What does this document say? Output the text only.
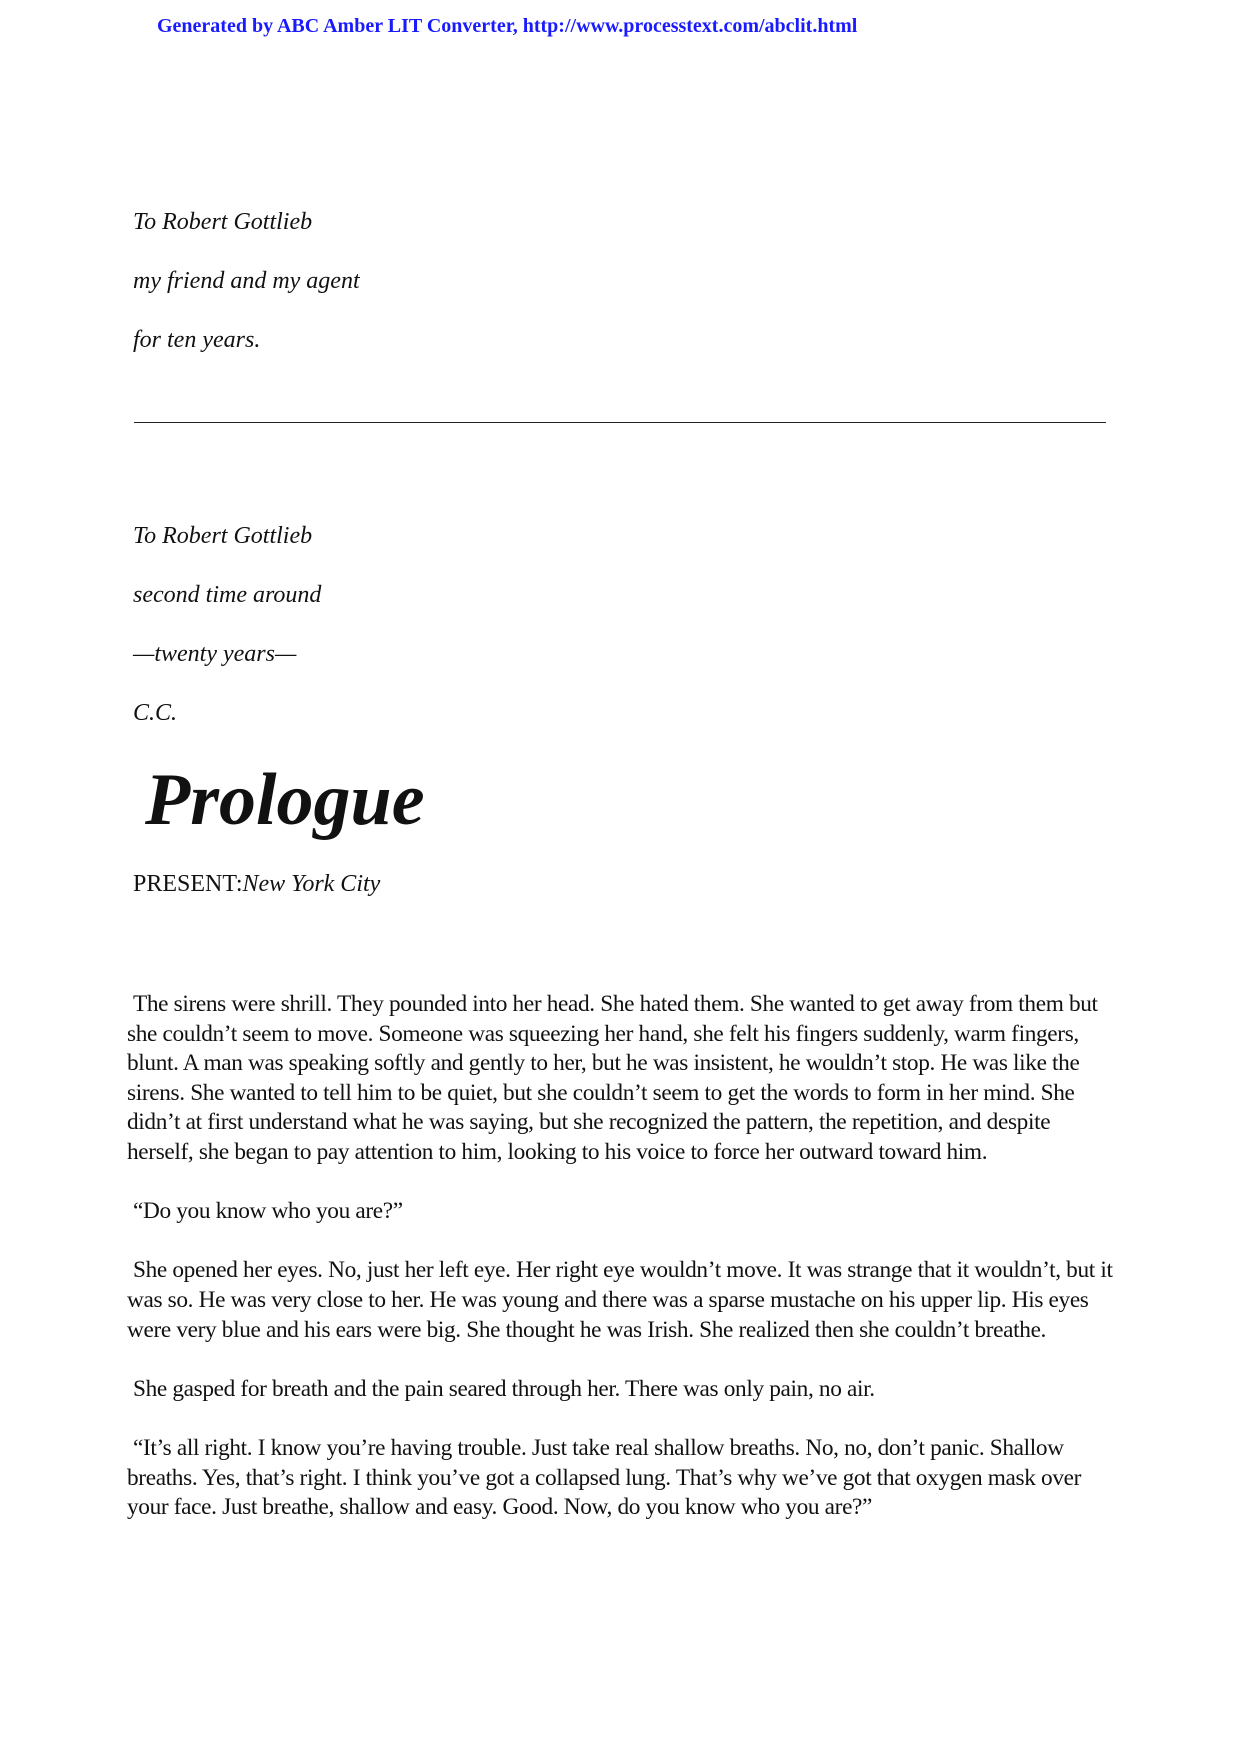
Generated by ABC Amber LIT Converter, http://www.processtext.com/abclit.html

To Robert Gottlieb

my friend and my agent

for ten years.

To Robert Gottlieb

second time around

—twenty years—

C.C.

Prologue
PRESENT:New York City

The sirens were shrill. They pounded into her head. She hated them. She wanted to get away from them but she couldn’t seem to move. Someone was squeezing her hand, she felt his fingers suddenly, warm fingers, blunt. A man was speaking softly and gently to her, but he was insistent, he wouldn’t stop. He was like the sirens. She wanted to tell him to be quiet, but she couldn’t seem to get the words to form in her mind. She didn’t at first understand what he was saying, but she recognized the pattern, the repetition, and despite herself, she began to pay attention to him, looking to his voice to force her outward toward him.

“Do you know who you are?”

She opened her eyes. No, just her left eye. Her right eye wouldn’t move. It was strange that it wouldn’t, but it was so. He was very close to her. He was young and there was a sparse mustache on his upper lip. His eyes were very blue and his ears were big. She thought he was Irish. She realized then she couldn’t breathe.

She gasped for breath and the pain seared through her. There was only pain, no air.

“It’s all right. I know you’re having trouble. Just take real shallow breaths. No, no, don’t panic. Shallow breaths. Yes, that’s right. I think you’ve got a collapsed lung. That’s why we’ve got that oxygen mask over your face. Just breathe, shallow and easy. Good. Now, do you know who you are?”
